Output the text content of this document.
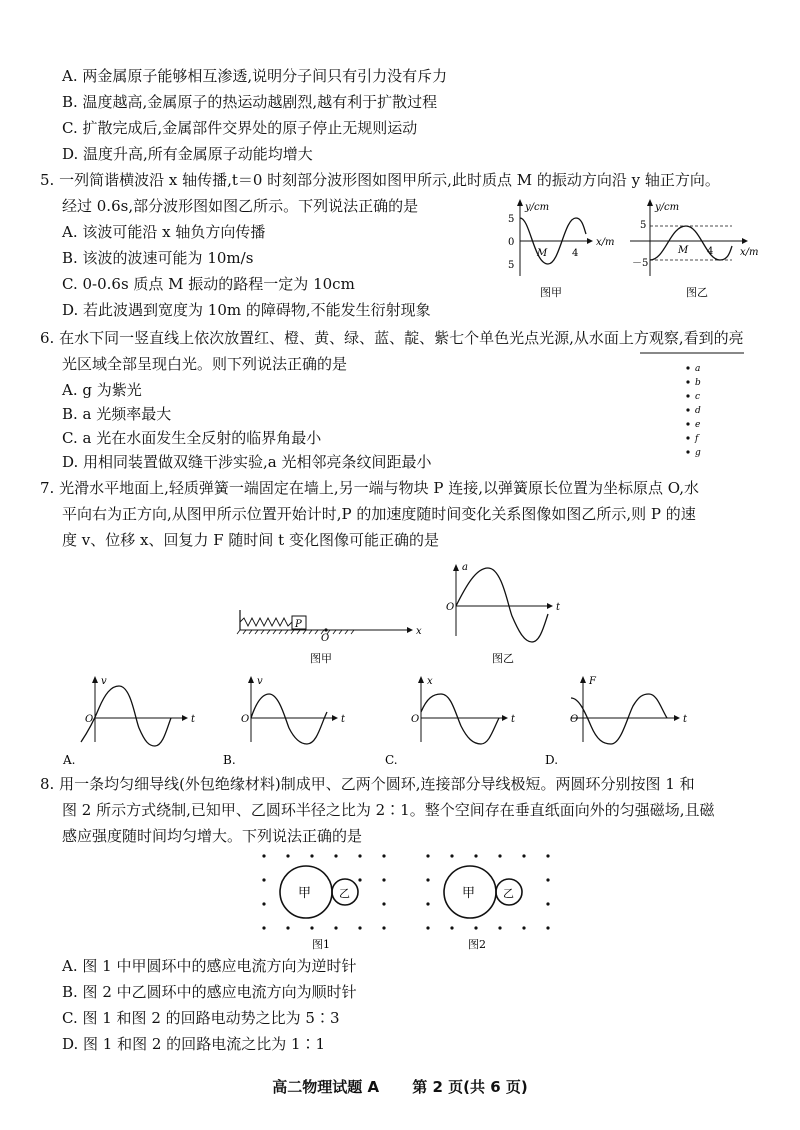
A. 两金属原子能够相互渗透,说明分子间只有引力没有斥力
B. 温度越高,金属原子的热运动越剧烈,越有利于扩散过程
C. 扩散完成后,金属部件交界处的原子停止无规则运动
D. 温度升高,所有金属原子动能均增大
5. 一列简谐横波沿 x 轴传播,t＝0 时刻部分波形图如图甲所示,此时质点 M 的振动方向沿 y 轴正方向。
经过 0.6s,部分波形图如图乙所示。下列说法正确的是
A. 该波可能沿 x 轴负方向传播
B. 该波的波速可能为 10m/s
C. 0-0.6s 质点 M 振动的路程一定为 10cm
D. 若此波遇到宽度为 10m 的障碍物,不能发生衍射现象
y/cm
x/m
5
0
5
M 4
图甲
y/cm
x/m
5
－5
M 4
图乙
6. 在水下同一竖直线上依次放置红、橙、黄、绿、蓝、靛、紫七个单色光点光源,从水面上方观察,看到的亮
光区域全部呈现白光。则下列说法正确的是
A. g 为紫光
B. a 光频率最大
C. a 光在水面发生全反射的临界角最小
D. 用相同装置做双缝干涉实验,a 光相邻亮条纹间距最小
a
b
c
d
e
f
g
7. 光滑水平地面上,轻质弹簧一端固定在墙上,另一端与物块 P 连接,以弹簧原长位置为坐标原点 O,水
平向右为正方向,从图甲所示位置开始计时,P 的加速度随时间变化关系图像如图乙所示,则 P 的速
度 v、位移 x、回复力 F 随时间 t 变化图像可能正确的是
P
O
x
图甲
a
t
O
图乙
v
t
O
A.
v
t
O
B.
x
t
O
C.
F
t
O
D.
8. 用一条均匀细导线(外包绝缘材料)制成甲、乙两个圆环,连接部分导线极短。两圆环分别按图 1 和
图 2 所示方式绕制,已知甲、乙圆环半径之比为 2∶1。整个空间存在垂直纸面向外的匀强磁场,且磁
感应强度随时间均匀增大。下列说法正确的是
甲	乙
图1
甲	乙
图2
A. 图 1 中甲圆环中的感应电流方向为逆时针
B. 图 2 中乙圆环中的感应电流方向为顺时针
C. 图 1 和图 2 的回路电动势之比为 5∶3
D. 图 1 和图 2 的回路电流之比为 1∶1
高二物理试题 A 第 2 页(共 6 页)
